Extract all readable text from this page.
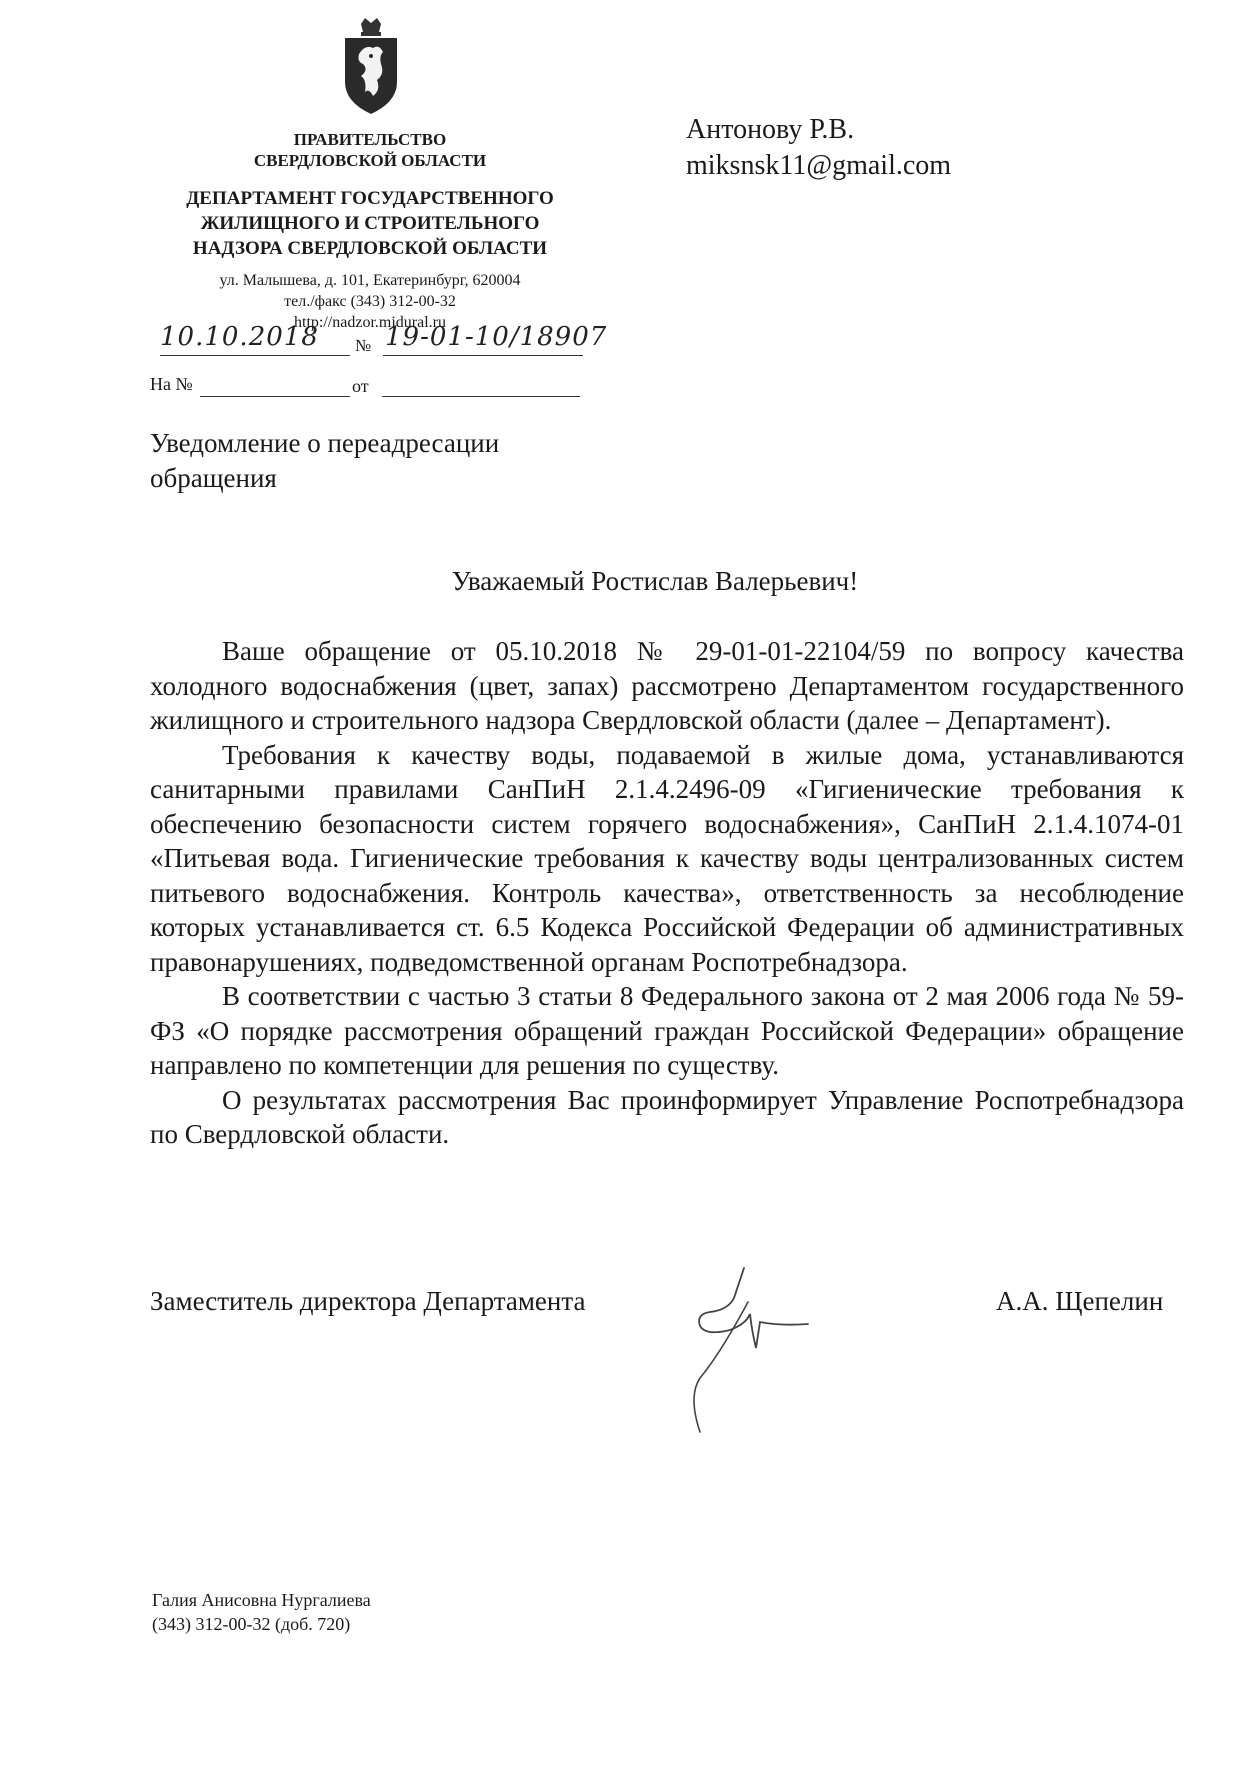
ПРАВИТЕЛЬСТВО
СВЕРДЛОВСКОЙ ОБЛАСТИ
ДЕПАРТАМЕНТ ГОСУДАРСТВЕННОГО
ЖИЛИЩНОГО И СТРОИТЕЛЬНОГО
НАДЗОРА СВЕРДЛОВСКОЙ ОБЛАСТИ
ул. Малышева, д. 101, Екатеринбург, 620004
тел./факс (343) 312-00-32
http://nadzor.midural.ru
10.10.2018 № 19-01-10/18907
На №	от
Антонову Р.В.
miksnsk11@gmail.com
Уведомление о переадресации
обращения
Уважаемый Ростислав Валерьевич!

Ваше обращение от 05.10.2018 № 29-01-01-22104/59 по вопросу качества холодного водоснабжения (цвет, запах) рассмотрено Департаментом государственного жилищного и строительного надзора Свердловской области (далее – Департамент).

Требования к качеству воды, подаваемой в жилые дома, устанавливаются санитарными правилами СанПиН 2.1.4.2496-09 «Гигиенические требования к обеспечению безопасности систем горячего водоснабжения», СанПиН 2.1.4.1074-01 «Питьевая вода. Гигиенические требования к качеству воды централизованных систем питьевого водоснабжения. Контроль качества», ответственность за несоблюдение которых устанавливается ст. 6.5 Кодекса Российской Федерации об административных правонарушениях, подведомственной органам Роспотребнадзора.

В соответствии с частью 3 статьи 8 Федерального закона от 2 мая 2006 года № 59-ФЗ «О порядке рассмотрения обращений граждан Российской Федерации» обращение направлено по компетенции для решения по существу.

О результатах рассмотрения Вас проинформирует Управление Роспотребнадзора по Свердловской области.

Заместитель директора Департамента	А.А. Щепелин
Галия Анисовна Нургалиева
(343) 312-00-32 (доб. 720)
